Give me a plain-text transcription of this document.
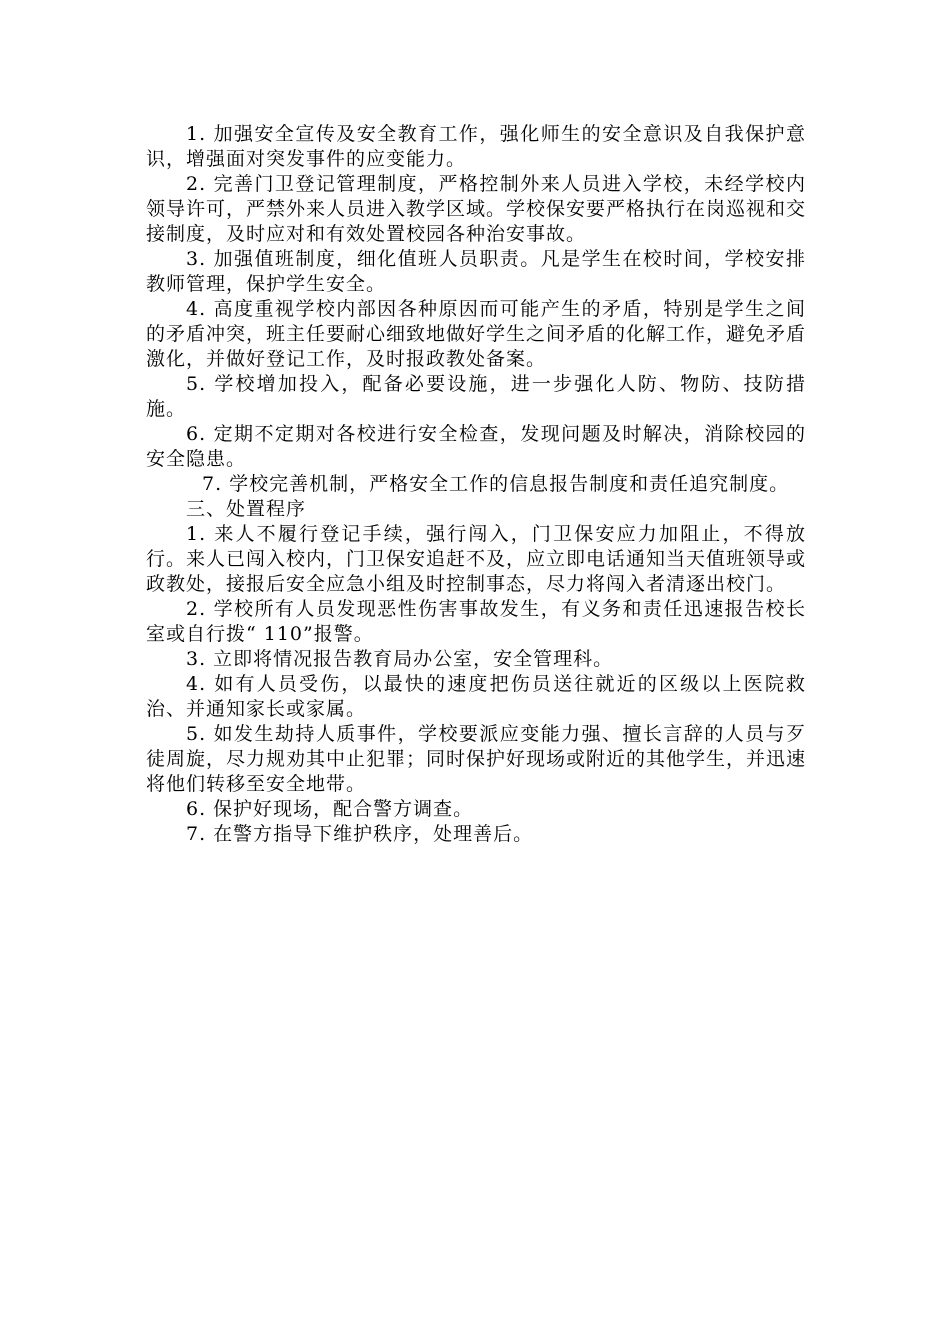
1. 加强安全宣传及安全教育工作，强化师生的安全意识及自我保护意识，增强面对突发事件的应变能力。

2. 完善门卫登记管理制度，严格控制外来人员进入学校，未经学校内领导许可，严禁外来人员进入教学区域。学校保安要严格执行在岗巡视和交接制度，及时应对和有效处置校园各种治安事故。

3. 加强值班制度，细化值班人员职责。凡是学生在校时间，学校安排教师管理，保护学生安全。

4. 高度重视学校内部因各种原因而可能产生的矛盾，特别是学生之间的矛盾冲突，班主任要耐心细致地做好学生之间矛盾的化解工作，避免矛盾激化，并做好登记工作，及时报政教处备案。

5. 学校增加投入，配备必要设施，进一步强化人防、物防、技防措施。

6. 定期不定期对各校进行安全检查，发现问题及时解决，消除校园的安全隐患。

7. 学校完善机制，严格安全工作的信息报告制度和责任追究制度。

三、处置程序

1. 来人不履行登记手续，强行闯入，门卫保安应力加阻止，不得放行。来人已闯入校内，门卫保安追赶不及，应立即电话通知当天值班领导或政教处，接报后安全应急小组及时控制事态，尽力将闯入者清逐出校门。

2. 学校所有人员发现恶性伤害事故发生，有义务和责任迅速报告校长室或自行拨“ 110”报警。

3. 立即将情况报告教育局办公室，安全管理科。

4. 如有人员受伤，以最快的速度把伤员送往就近的区级以上医院救治、并通知家长或家属。

5. 如发生劫持人质事件，学校要派应变能力强、擅长言辞的人员与歹徒周旋，尽力规劝其中止犯罪；同时保护好现场或附近的其他学生，并迅速将他们转移至安全地带。

6. 保护好现场，配合警方调查。

7. 在警方指导下维护秩序，处理善后。
